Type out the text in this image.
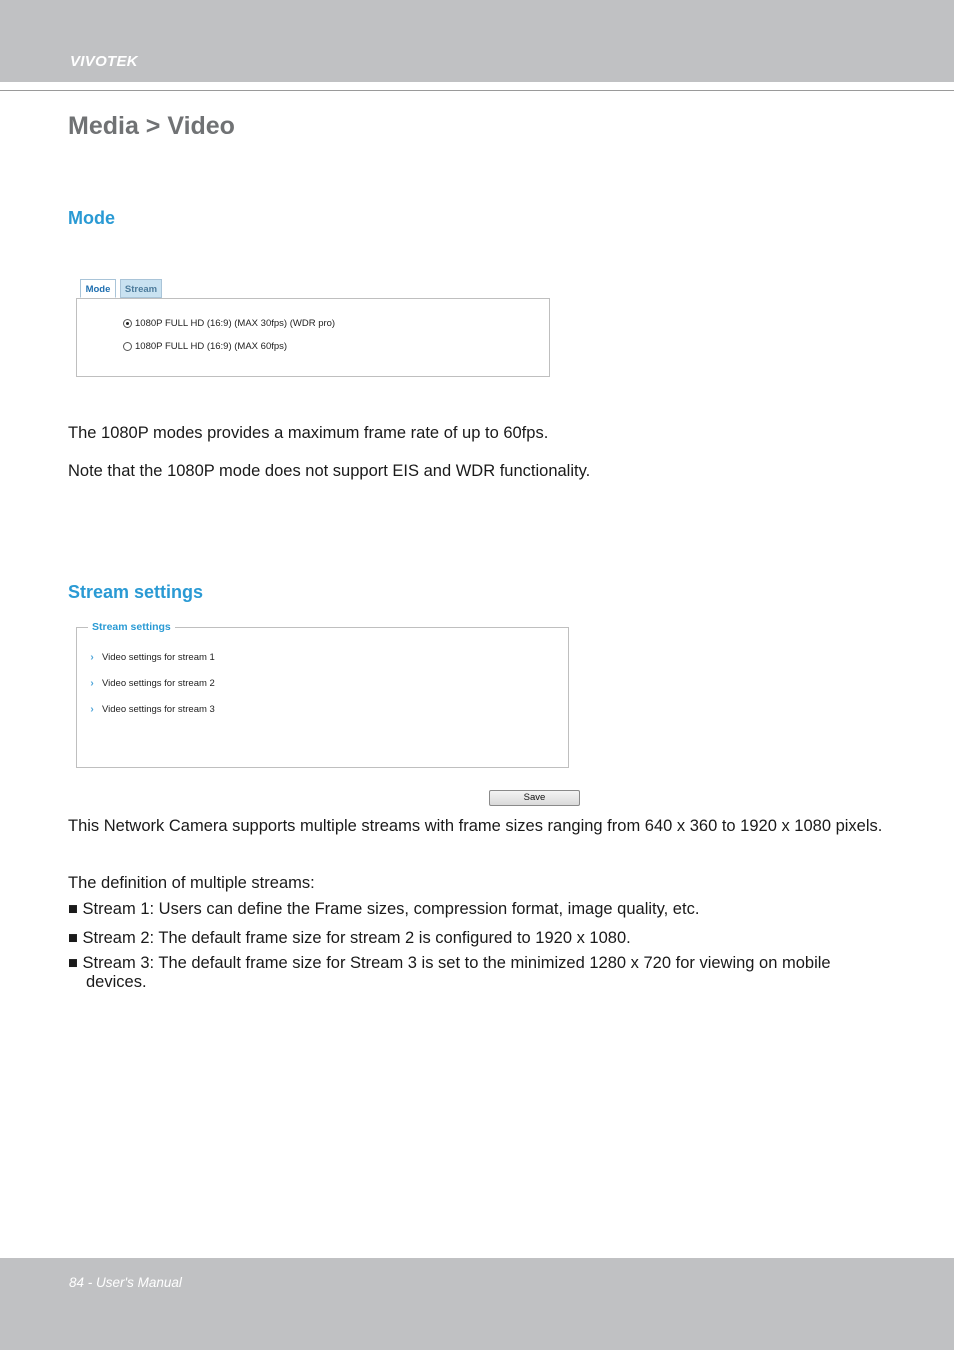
VIVOTEK
Media > Video
Mode
Mode	Stream
1080P FULL HD (16:9) (MAX 30fps) (WDR pro)
1080P FULL HD (16:9) (MAX 60fps)
The 1080P modes provides a maximum frame rate of up to 60fps.
Note that the 1080P mode does not support EIS and WDR functionality.
Stream settings
Stream settings
› Video settings for stream 1
› Video settings for stream 2
› Video settings for stream 3
Save
This Network Camera supports multiple streams with frame sizes ranging from 640 x 360 to 1920 x 1080 pixels.
The definition of multiple streams:
■ Stream 1: Users can define the Frame sizes, compression format, image quality, etc.
■ Stream 2: The default frame size for stream 2 is configured to 1920 x 1080.
■ Stream 3: The default frame size for Stream 3 is set to the minimized 1280 x 720 for viewing on mobile
devices.
84 - User's Manual
